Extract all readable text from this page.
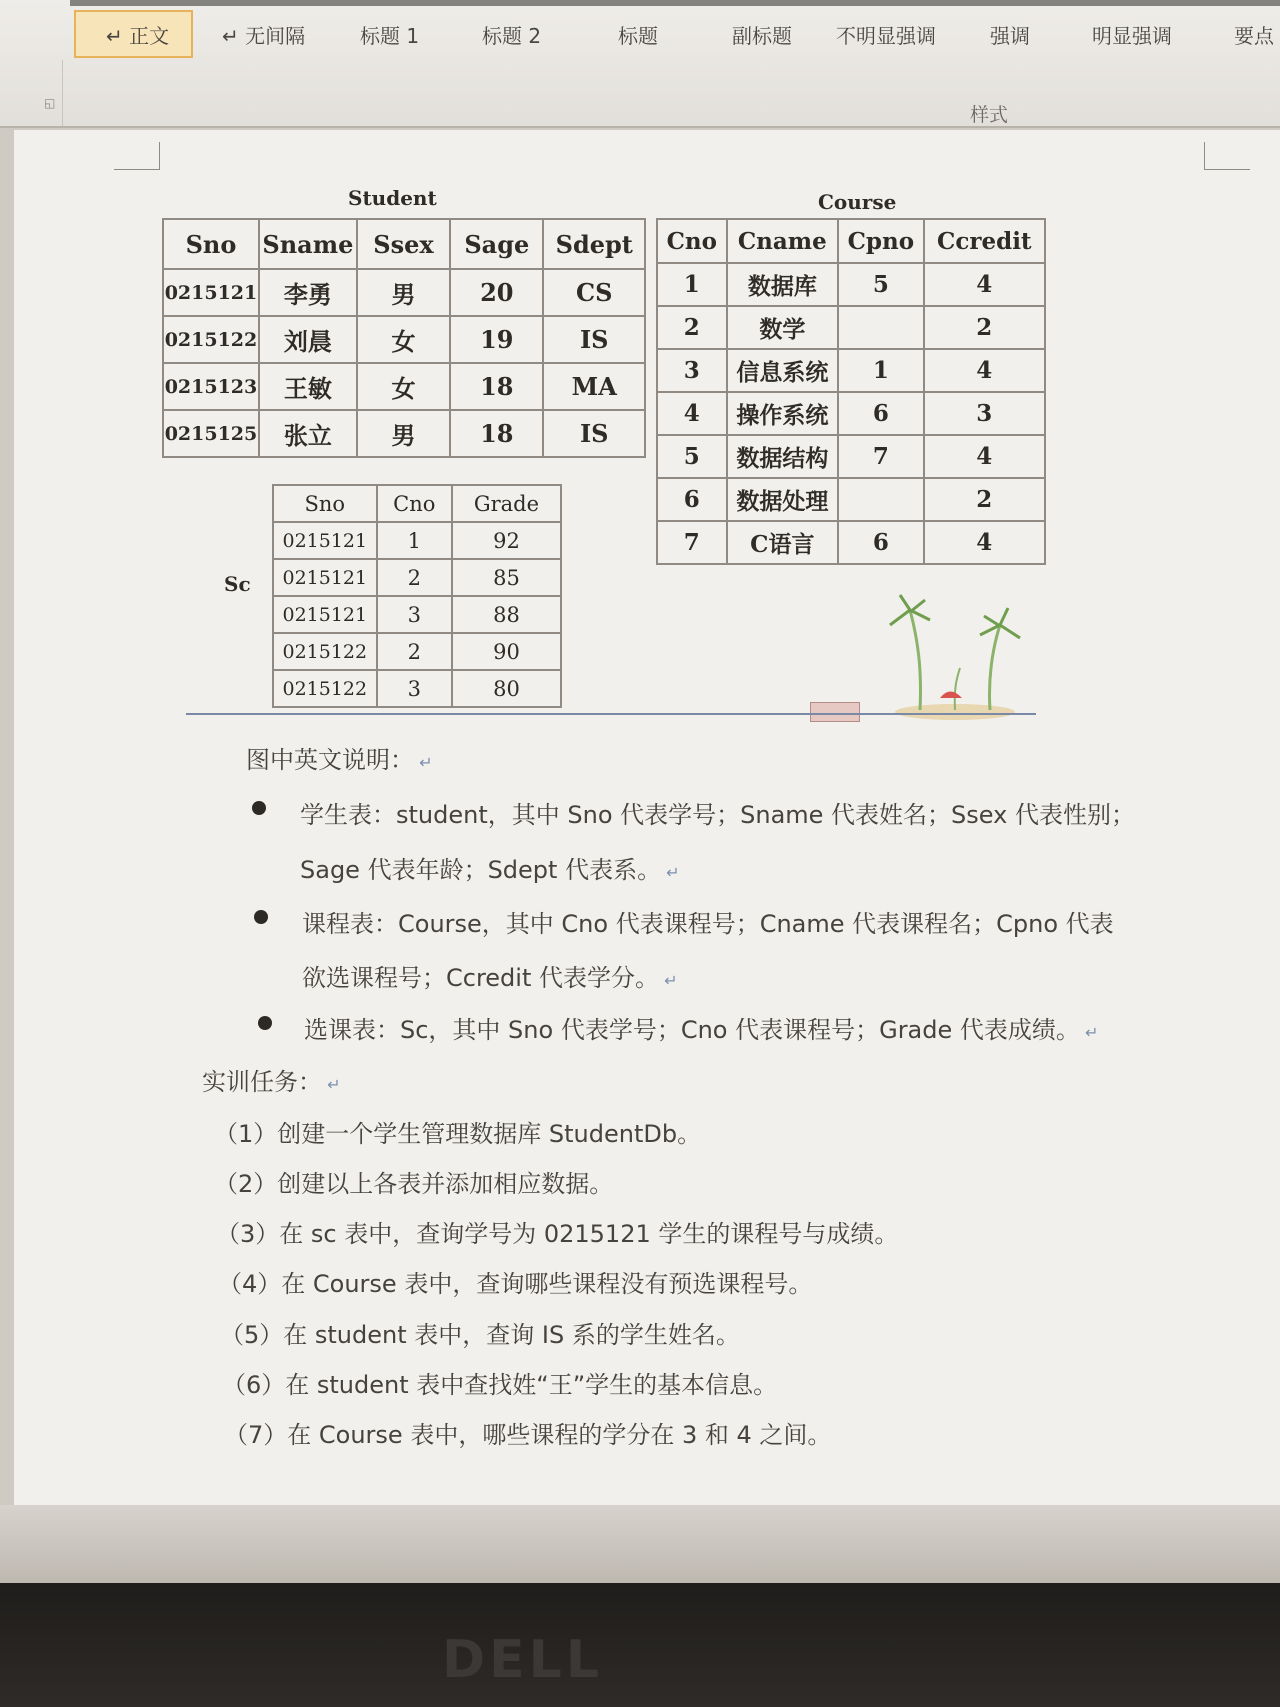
↵ 正文	↵ 无间隔	标题 1	标题 2	标题	副标题 不明显强调	强调	明显强调	要点
◱
样式
Student
Sno	Sname	Ssex	Sage	Sdept
0215121	李勇	男	20	CS
0215122	刘晨	女	19	IS
0215123	王敏	女	18	MA
0215125	张立	男	18	IS
Course
Cno	Cname	Cpno	Ccredit
1	数据库	5	4
2	数学		2
3	信息系统	1	4
4	操作系统	6	3
5	数据结构	7	4
6	数据处理		2
7	C语言	6	4
Sc
Sno	Cno	Grade
0215121	1	92
0215121	2	85
0215121	3	88
0215122	2	90
0215122	3	80
图中英文说明： ↵
学生表：student，其中 Sno 代表学号；Sname 代表姓名；Ssex 代表性别；
Sage 代表年龄；Sdept 代表系。 ↵
课程表：Course，其中 Cno 代表课程号；Cname 代表课程名；Cpno 代表
欲选课程号；Ccredit 代表学分。 ↵
选课表：Sc，其中 Sno 代表学号；Cno 代表课程号；Grade 代表成绩。 ↵
实训任务： ↵
（1）创建一个学生管理数据库 StudentDb。
（2）创建以上各表并添加相应数据。
（3）在 sc 表中，查询学号为 0215121 学生的课程号与成绩。
（4）在 Course 表中，查询哪些课程没有预选课程号。
（5）在 student 表中，查询 IS 系的学生姓名。
（6）在 student 表中查找姓“王”学生的基本信息。
（7）在 Course 表中，哪些课程的学分在 3 和 4 之间。
DELL
